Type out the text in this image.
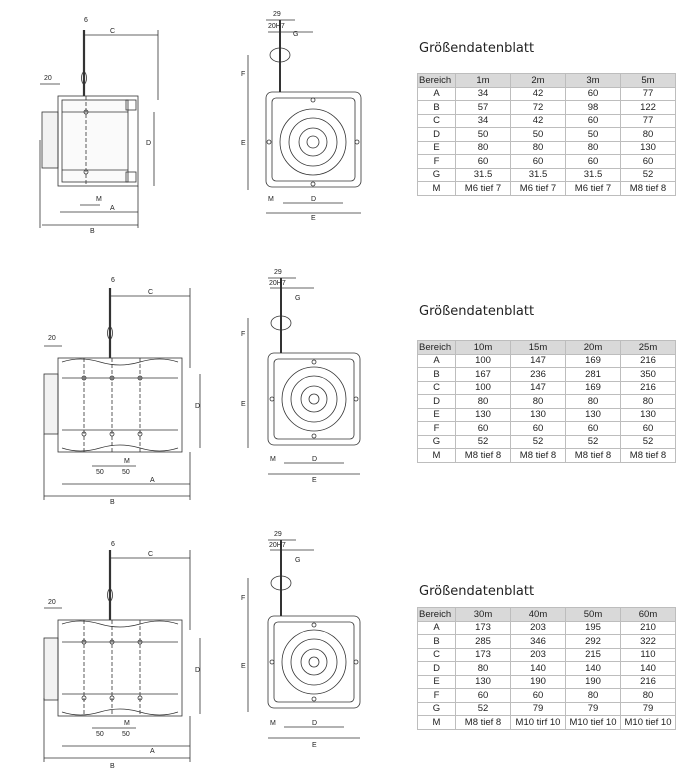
6
C
20
D
M
A
B
29
20H7
G
F
E
M	D
E
Größendatenblatt
Bereich	1m	2m	3m	5m
A	34	42	60	77
B	57	72	98	122
C	34	42	60	77
D	50	50	50	80
E	80	80	80	130
F	60	60	60	60
G	31.5	31.5	31.5	52
M	M6 tief 7	M6 tief 7	M6 tief 7	M8 tief 8
6
C
20
D
M
50	50
A
B
29
20H7
G
F
E
M	D
E
Größendatenblatt
Bereich	10m	15m	20m	25m
A	100	147	169	216
B	167	236	281	350
C	100	147	169	216
D	80	80	80	80
E	130	130	130	130
F	60	60	60	60
G	52	52	52	52
M	M8 tief 8	M8 tief 8	M8 tief 8	M8 tief 8
6
C
20
D
M
50	50
A
B
29
20H7
G
F
E
M	D
E
Größendatenblatt
Bereich	30m	40m	50m	60m
A	173	203	195	210
B	285	346	292	322
C	173	203	215	110
D	80	140	140	140
E	130	190	190	216
F	60	60	80	80
G	52	79	79	79
M	M8 tief 8	M10 tirf 10	M10 tief 10	M10 tief 10
